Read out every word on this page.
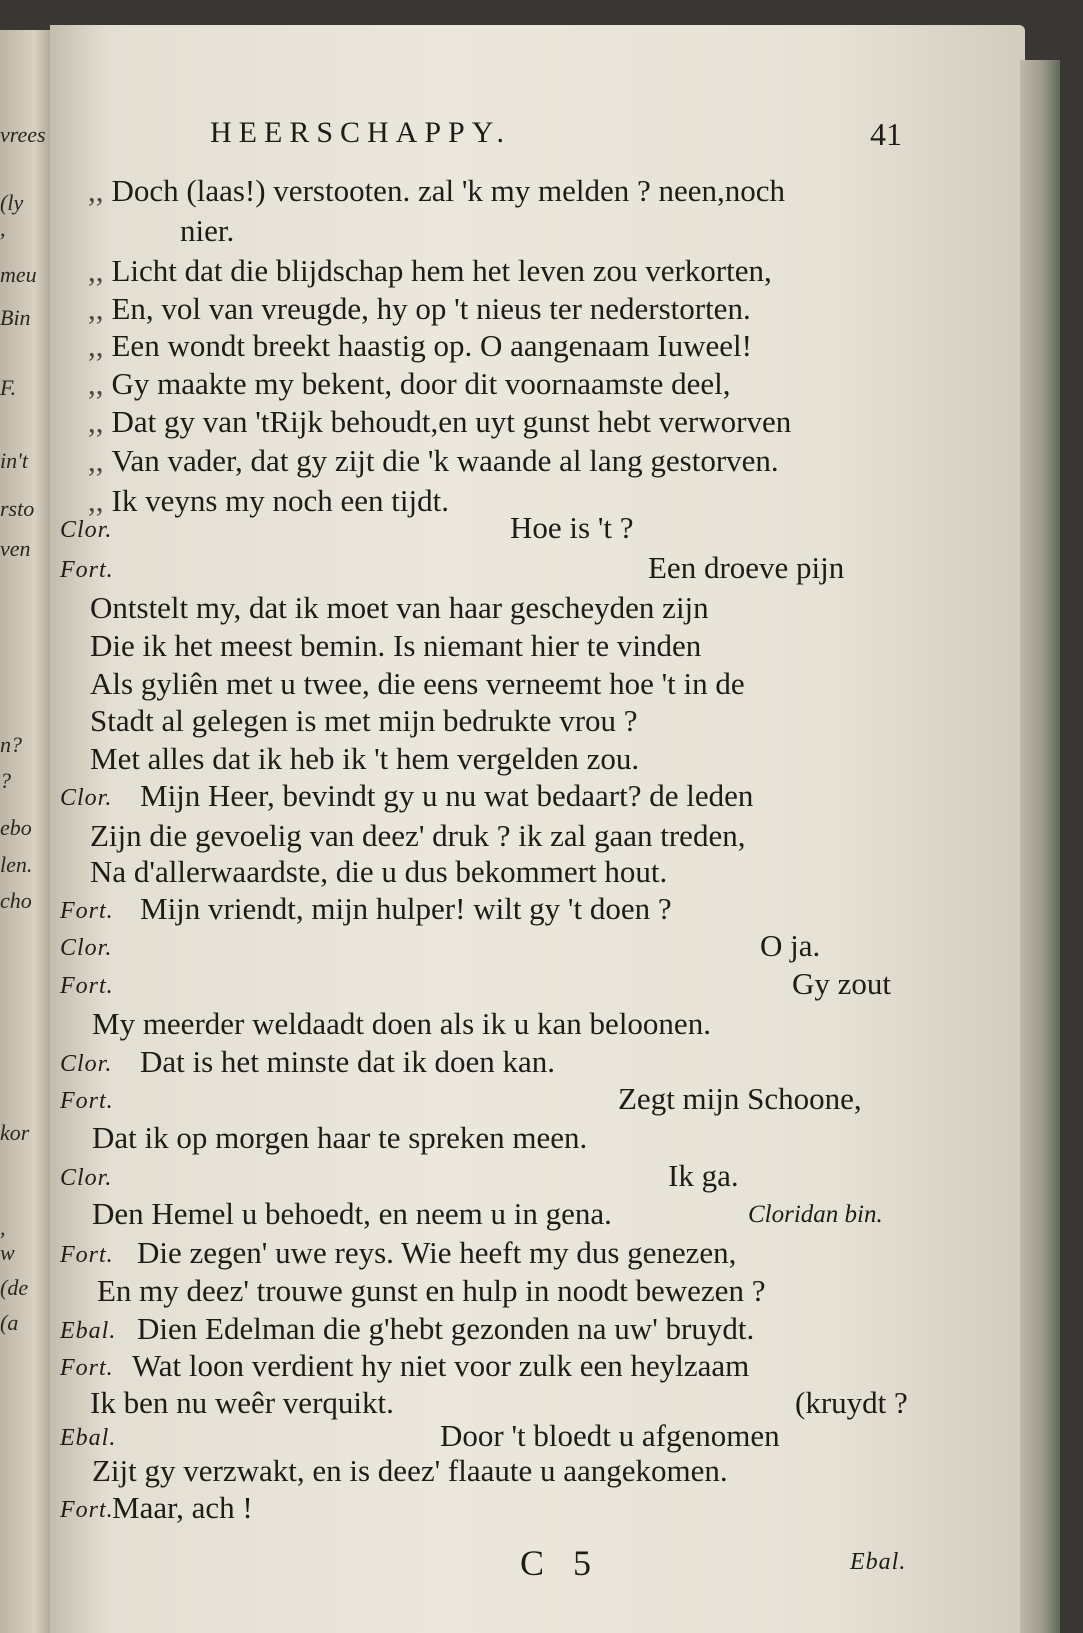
vrees
(ly
,
meu
Bin
F.
in't
rsto
ven
n?
?
ebo
len.
cho
kor
,
w
(de
(a
HEERSCHAPPY.	41
,, Doch (laas!) verstooten. zal 'k my melden ? neen,noch
nier.
,, Licht dat die blijdschap hem het leven zou verkorten,
,, En, vol van vreugde, hy op 't nieus ter nederstorten.
,, Een wondt breekt haastig op. O aangenaam Iuweel!
,, Gy maakte my bekent, door dit voornaamste deel,
,, Dat gy van 'tRijk behoudt,en uyt gunst hebt verworven
,, Van vader, dat gy zijt die 'k waande al lang gestorven.
,, Ik veyns my noch een tijdt.
Clor.	Hoe is 't ?
Fort.	Een droeve pijn
Ontstelt my, dat ik moet van haar gescheyden zijn
Die ik het meest bemin. Is niemant hier te vinden
Als gyliên met u twee, die eens verneemt hoe 't in de
Stadt al gelegen is met mijn bedrukte vrou ?
Met alles dat ik heb ik 't hem vergelden zou.
Clor. Mijn Heer, bevindt gy u nu wat bedaart? de leden
Zijn die gevoelig van deez' druk ? ik zal gaan treden,
Na d'allerwaardste, die u dus bekommert hout.
Fort. Mijn vriendt, mijn hulper! wilt gy 't doen ?
Clor.	O ja.
Fort.	Gy zout
My meerder weldaadt doen als ik u kan beloonen.
Clor. Dat is het minste dat ik doen kan.
Fort.	Zegt mijn Schoone,
Dat ik op morgen haar te spreken meen.
Clor.	Ik ga.
Den Hemel u behoedt, en neem u in gena.	Cloridan bin.
Fort. Die zegen' uwe reys. Wie heeft my dus genezen,
En my deez' trouwe gunst en hulp in noodt bewezen ?
Ebal. Dien Edelman die g'hebt gezonden na uw' bruydt.
Fort. Wat loon verdient hy niet voor zulk een heylzaam
Ik ben nu weêr verquikt.	(kruydt ?
Ebal.	Door 't bloedt u afgenomen
Zijt gy verzwakt, en is deez' flaaute u aangekomen.
Fort.
Maar, ach !
C 5	Ebal.
